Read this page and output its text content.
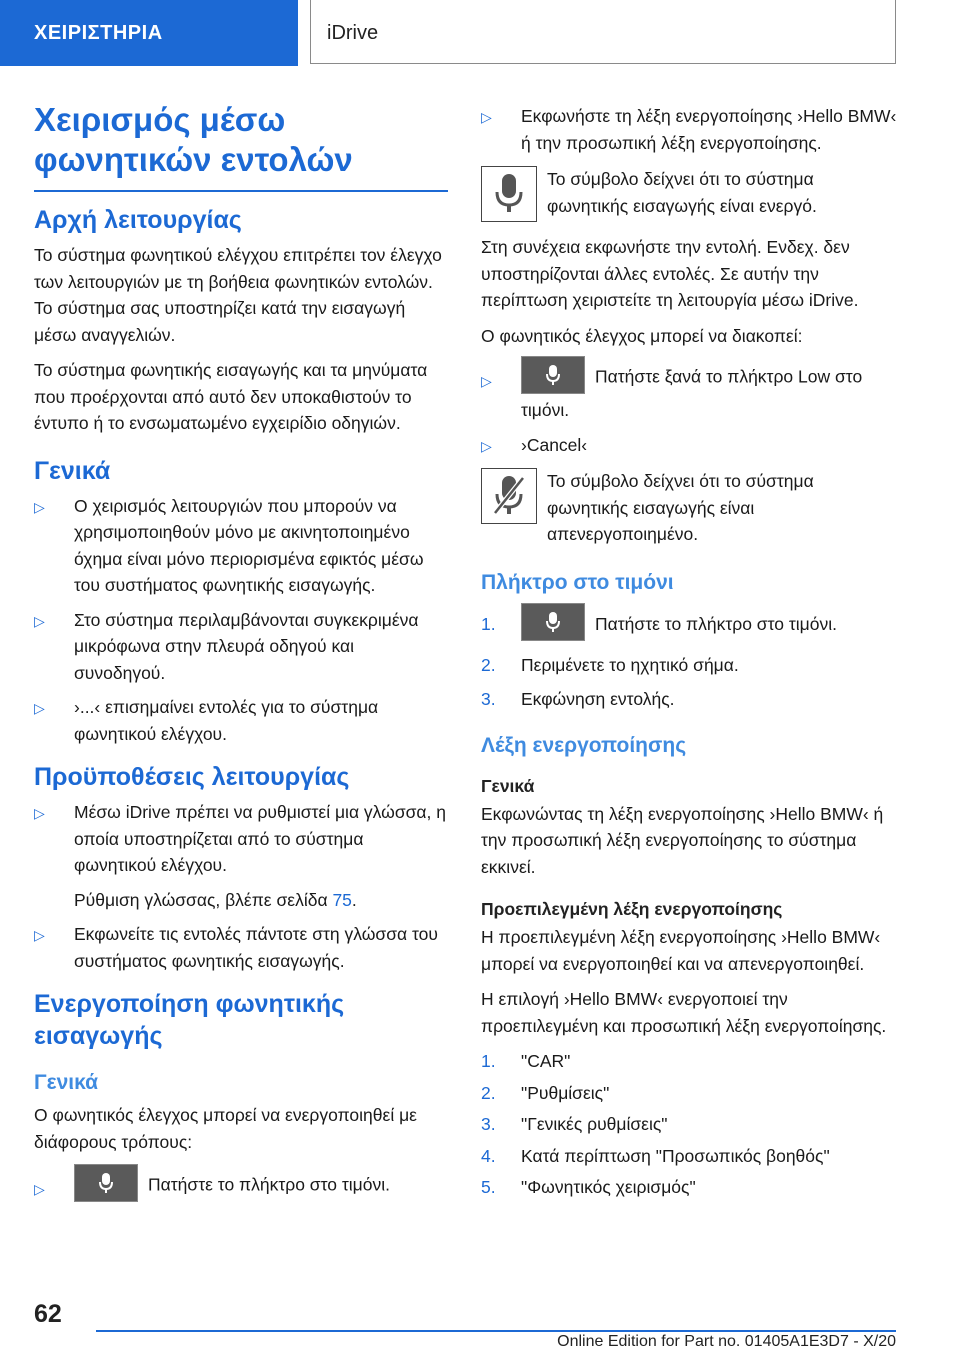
ΧΕΙΡΙΣΤΗΡΙΑ	iDrive
Χειρισμός μέσω φωνητικών εντολών
Αρχή λειτουργίας

Το σύστημα φωνητικού ελέγχου επιτρέπει τον έλεγχο των λειτουργιών με τη βοήθεια φωνητικών εντολών. Το σύστημα σας υποστηρίζει κατά την εισαγωγή μέσω αναγγελιών.

Το σύστημα φωνητικής εισαγωγής και τα μηνύματα που προέρχονται από αυτό δεν υποκαθιστούν το έντυπο ή το ενσωματωμένο εγχειρίδιο οδηγιών.

Γενικά
▷ Ο χειρισμός λειτουργιών που μπορούν να χρησιμοποιηθούν μόνο με ακινητοποιημένο όχημα είναι μόνο περιορισμένα εφικτός μέσω του συστήματος φωνητικής εισαγωγής.
▷ Στο σύστημα περιλαμβάνονται συγκεκριμένα μικρόφωνα στην πλευρά οδηγού και συνοδηγού.
▷ ›...‹ επισημαίνει εντολές για το σύστημα φωνητικού ελέγχου.
Προϋποθέσεις λειτουργίας
▷ Μέσω iDrive πρέπει να ρυθμιστεί μια γλώσσα, η οποία υποστηρίζεται από το σύστημα φωνητικού ελέγχου.
Ρύθμιση γλώσσας, βλέπε σελίδα 75.
▷ Εκφωνείτε τις εντολές πάντοτε στη γλώσσα του συστήματος φωνητικής εισαγωγής.
Ενεργοποίηση φωνητικής εισαγωγής
Γενικά

Ο φωνητικός έλεγχος μπορεί να ενεργοποιηθεί με διάφορους τρόπους:

▷	Πατήστε το πλήκτρο στο τιμόνι.
▷ Εκφωνήστε τη λέξη ενεργοποίησης ›Hello BMW‹ ή την προσωπική λέξη ενεργοποίησης.

Το σύμβολο δείχνει ότι το σύστημα φωνητικής εισαγωγής είναι ενεργό.

Στη συνέχεια εκφωνήστε την εντολή. Ενδεχ. δεν υποστηρίζονται άλλες εντολές. Σε αυτήν την περίπτωση χειριστείτε τη λειτουργία μέσω iDrive.

Ο φωνητικός έλεγχος μπορεί να διακοπεί:

▷	Πατήστε ξανά το πλήκτρο Low στο τιμόνι.
▷ ›Cancel‹

Το σύμβολο δείχνει ότι το σύστημα φωνητικής εισαγωγής είναι απενεργοποιημένο.

Πλήκτρο στο τιμόνι
1.	Πατήστε το πλήκτρο στο τιμόνι.
2. Περιμένετε το ηχητικό σήμα.
3. Εκφώνηση εντολής.
Λέξη ενεργοποίησης
Γενικά

Εκφωνώντας τη λέξη ενεργοποίησης ›Hello BMW‹ ή την προσωπική λέξη ενεργοποίησης το σύστημα εκκινεί.

Προεπιλεγμένη λέξη ενεργοποίησης

Η προεπιλεγμένη λέξη ενεργοποίησης ›Hello BMW‹ μπορεί να ενεργοποιηθεί και να απενεργοποιηθεί.

Η επιλογή ›Hello BMW‹ ενεργοποιεί την προεπιλεγμένη και προσωπική λέξη ενεργοποίησης.

1. "CAR"
2. "Ρυθμίσεις"
3. "Γενικές ρυθμίσεις"
4. Κατά περίπτωση "Προσωπικός βοηθός"
5. "Φωνητικός χειρισμός"
62
Online Edition for Part no. 01405A1E3D7 - X/20
